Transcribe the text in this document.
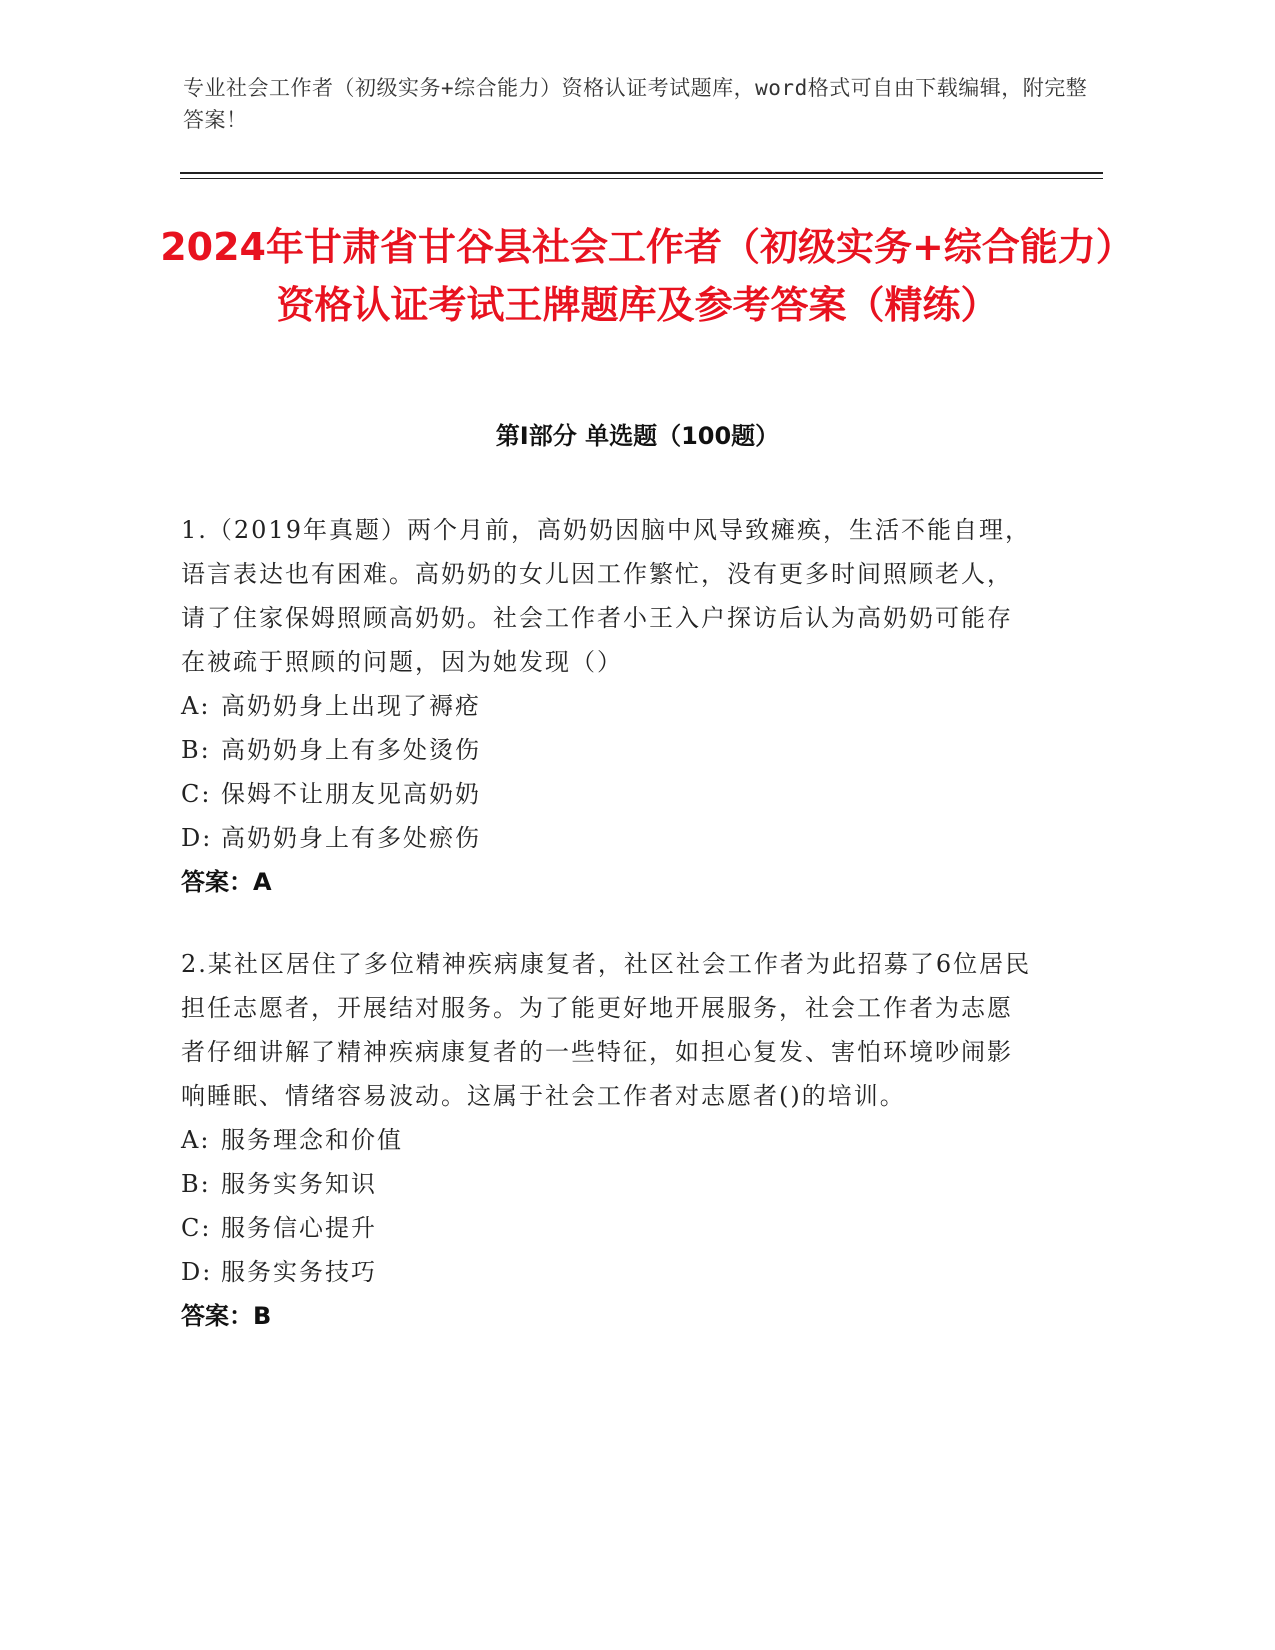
专业社会工作者（初级实务+综合能力）资格认证考试题库，word格式可自由下载编辑，附完整答案！
2024年甘肃省甘谷县社会工作者（初级实务+综合能力）资格认证考试王牌题库及参考答案（精练）
第I部分 单选题（100题）
1.（2019年真题）两个月前，高奶奶因脑中风导致瘫痪，生活不能自理，语言表达也有困难。高奶奶的女儿因工作繁忙，没有更多时间照顾老人，请了住家保姆照顾高奶奶。社会工作者小王入户探访后认为高奶奶可能存在被疏于照顾的问题，因为她发现（）
A: 高奶奶身上出现了褥疮
B: 高奶奶身上有多处烫伤
C: 保姆不让朋友见高奶奶
D: 高奶奶身上有多处瘀伤
答案：A
2.某社区居住了多位精神疾病康复者，社区社会工作者为此招募了6位居民担任志愿者，开展结对服务。为了能更好地开展服务，社会工作者为志愿者仔细讲解了精神疾病康复者的一些特征，如担心复发、害怕环境吵闹影响睡眠、情绪容易波动。这属于社会工作者对志愿者()的培训。
A: 服务理念和价值
B: 服务实务知识
C: 服务信心提升
D: 服务实务技巧
答案：B
